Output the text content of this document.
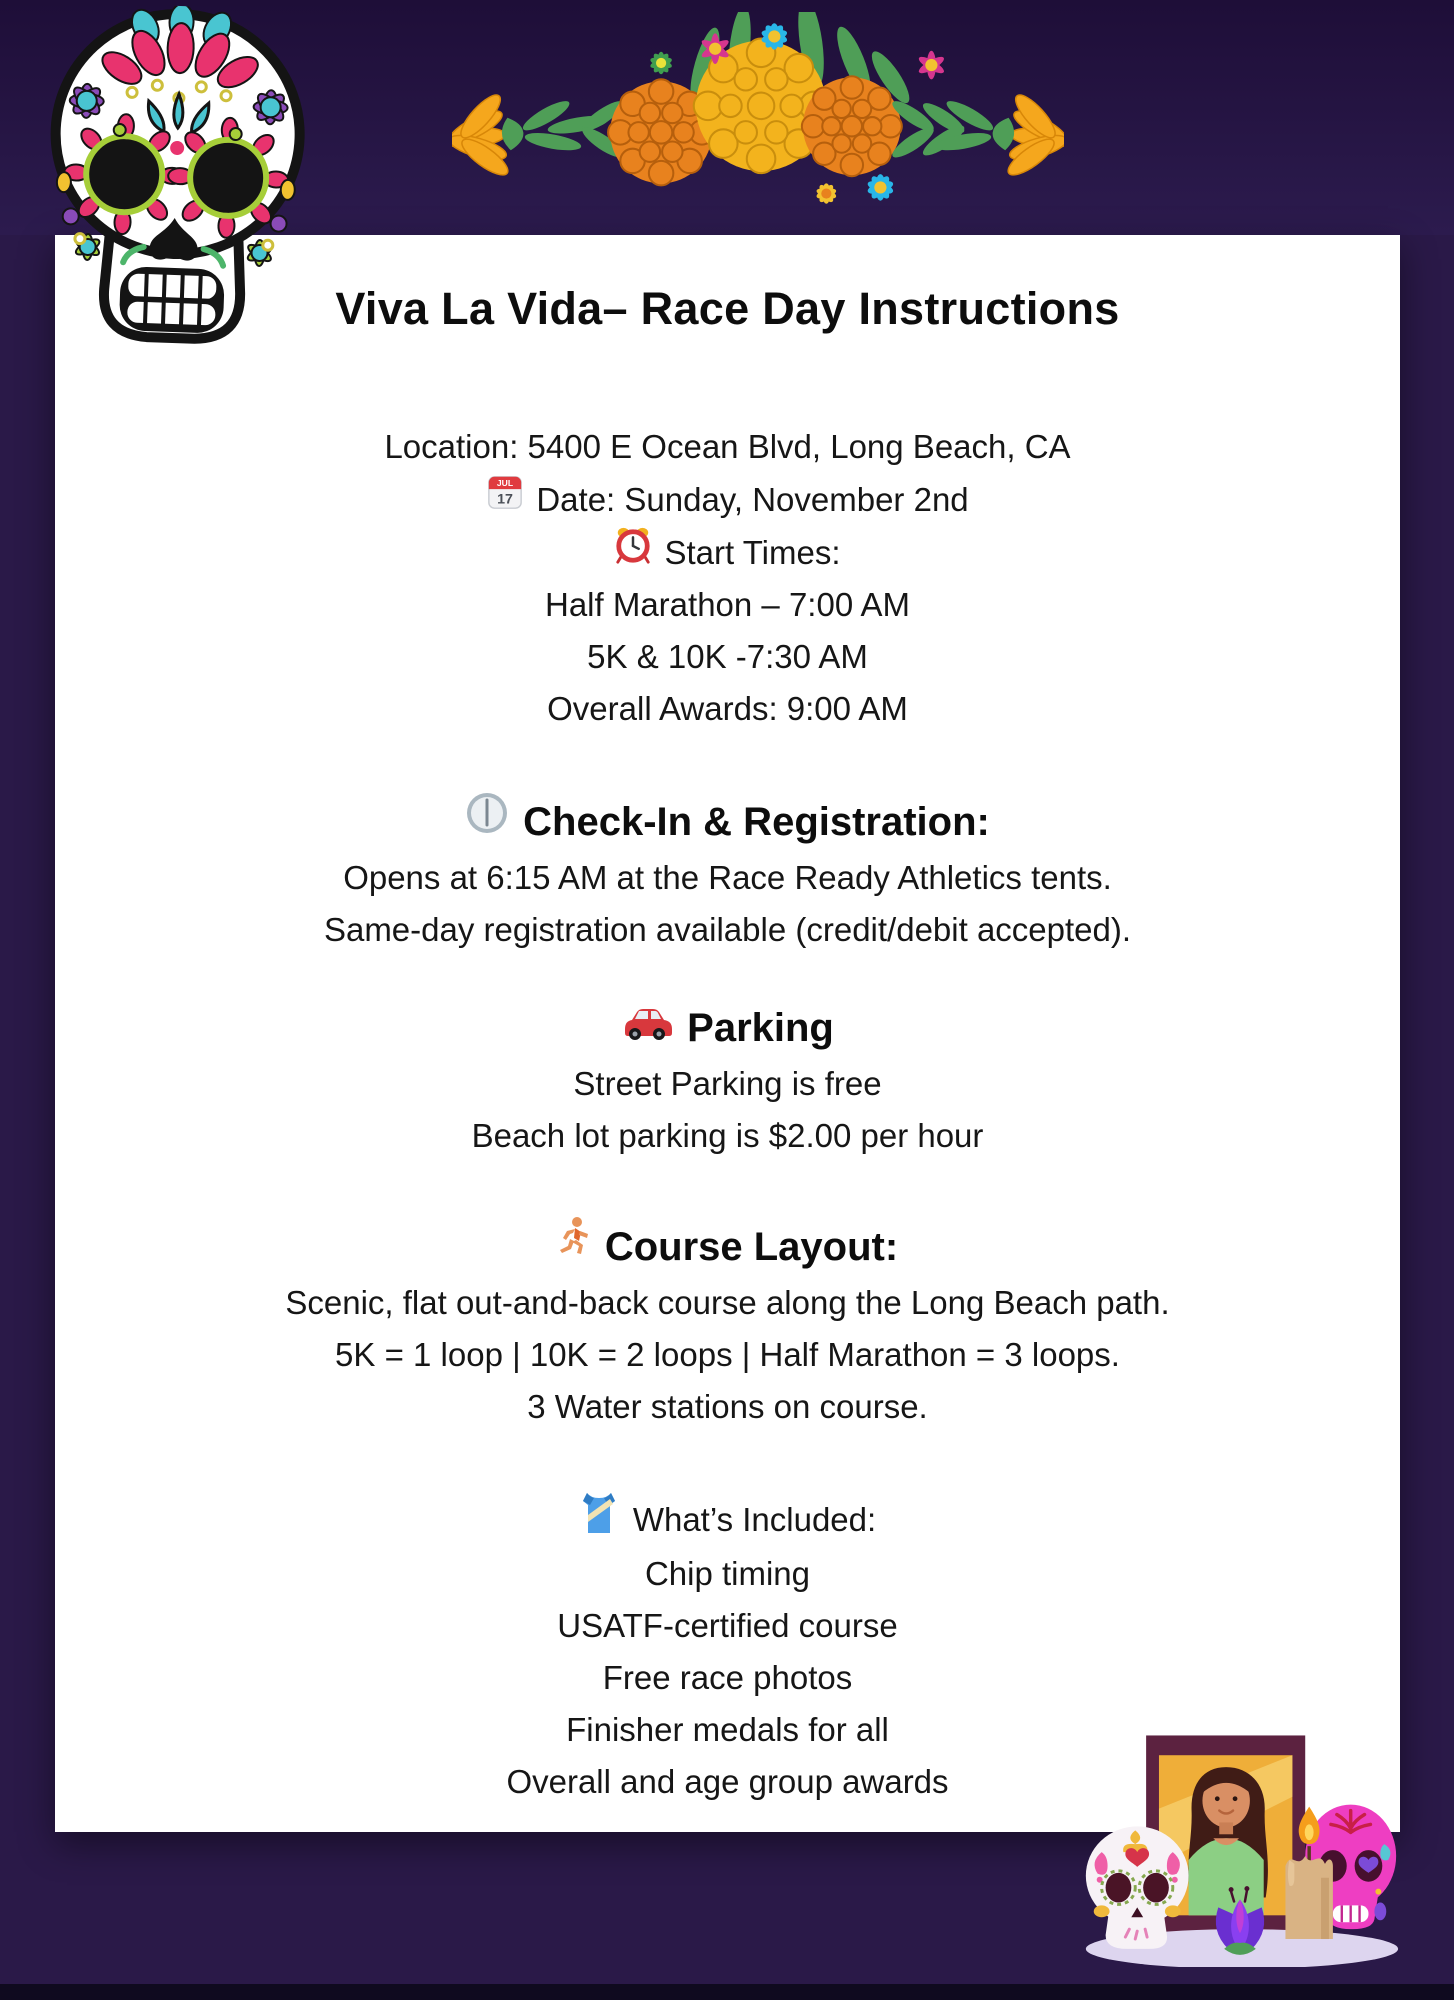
Viva La Vida– Race Day Instructions

Location: 5400 E Ocean Blvd, Long Beach, CA

JUL
17 Date: Sunday, November 2nd

Start Times:

Half Marathon – 7:00 AM

5K & 10K -7:30 AM

Overall Awards: 9:00 AM

Check-In & Registration:

Opens at 6:15 AM at the Race Ready Athletics tents.

Same-day registration available (credit/debit accepted).

Parking

Street Parking is free

Beach lot parking is $2.00 per hour

Course Layout:

Scenic, flat out-and-back course along the Long Beach path.

5K = 1 loop | 10K = 2 loops | Half Marathon = 3 loops.

3 Water stations on course.

What’s Included:

Chip timing

USATF-certified course

Free race photos

Finisher medals for all

Overall and age group awards
